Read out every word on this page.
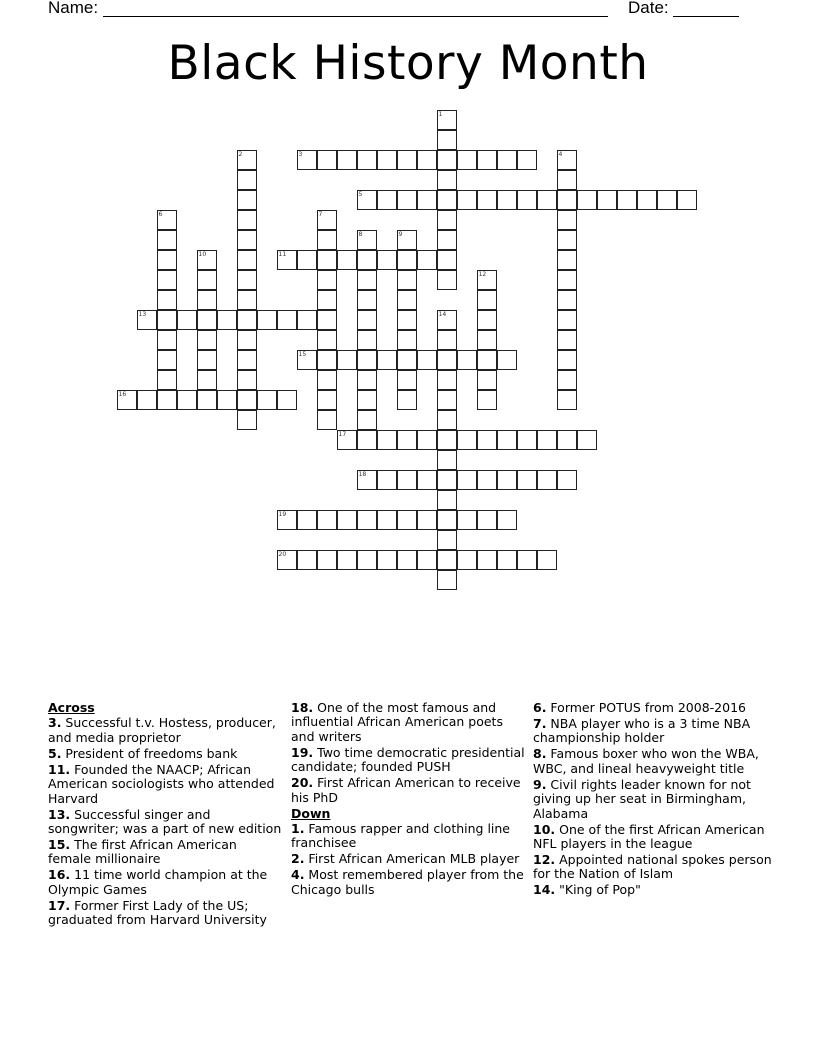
Name:	Date:
Black History Month
1
2	3	4
5
6	7
8	9
10	11
12
13	14
15
16
17
18
19
20
Across
3. Successful t.v. Hostess, producer, and media proprietor
5. President of freedoms bank
11. Founded the NAACP; African American sociologists who attended Harvard
13. Successful singer and songwriter; was a part of new edition
15. The first African American female millionaire
16. 11 time world champion at the Olympic Games
17. Former First Lady of the US; graduated from Harvard University
18. One of the most famous and influential African American poets and writers
19. Two time democratic presidential candidate; founded PUSH
20. First African American to receive his PhD
Down
1. Famous rapper and clothing line franchisee
2. First African American MLB player
4. Most remembered player from the Chicago bulls
6. Former POTUS from 2008-2016
7. NBA player who is a 3 time NBA championship holder
8. Famous boxer who won the WBA, WBC, and lineal heavyweight title
9. Civil rights leader known for not giving up her seat in Birmingham, Alabama
10. One of the first African American NFL players in the league
12. Appointed national spokes person for the Nation of Islam
14. "King of Pop"
